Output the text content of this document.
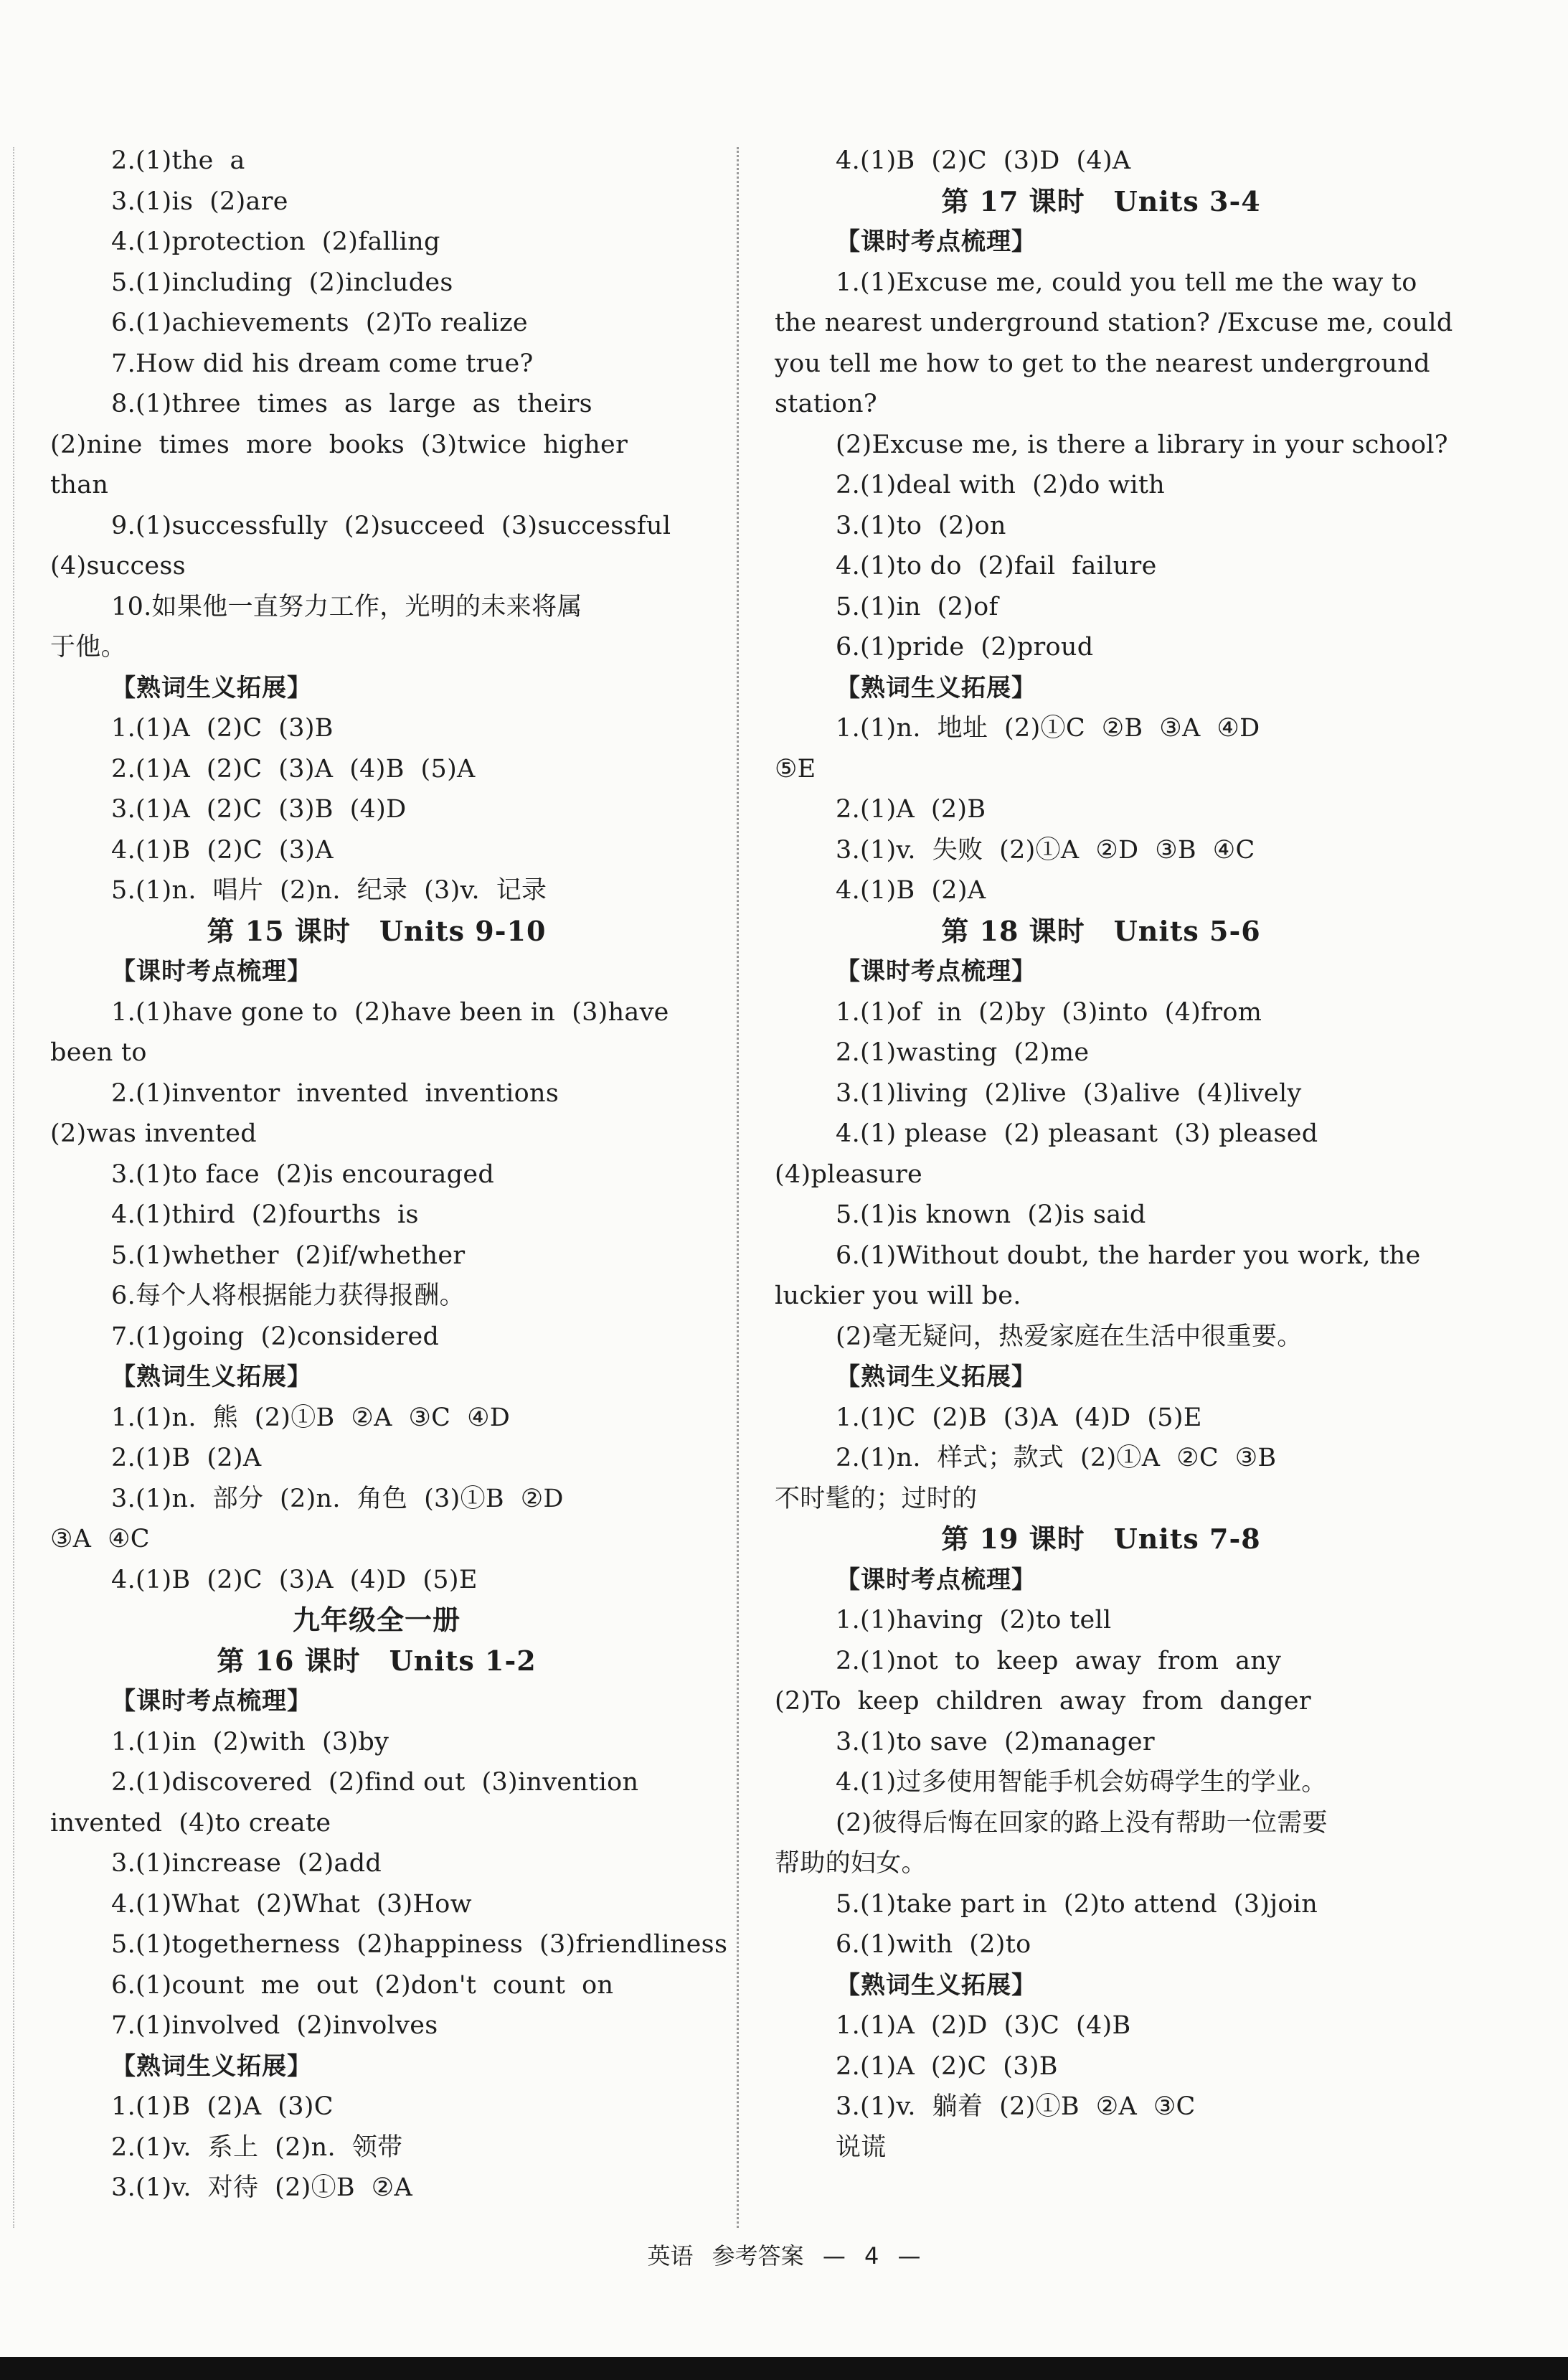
2.(1)the  a
3.(1)is  (2)are
4.(1)protection  (2)falling
5.(1)including  (2)includes
6.(1)achievements  (2)To realize
7.How did his dream come true?
8.(1)three  times  as  large  as  theirs
(2)nine  times  more  books  (3)twice  higher
than
9.(1)successfully  (2)succeed  (3)successful
(4)success
10.如果他一直努力工作，光明的未来将属
于他。
【熟词生义拓展】
1.(1)A  (2)C  (3)B
2.(1)A  (2)C  (3)A  (4)B  (5)A
3.(1)A  (2)C  (3)B  (4)D
4.(1)B  (2)C  (3)A
5.(1)n.  唱片  (2)n.  纪录  (3)v.  记录
第 15 课时 Units 9-10
【课时考点梳理】
1.(1)have gone to  (2)have been in  (3)have
been to
2.(1)inventor  invented  inventions
(2)was invented
3.(1)to face  (2)is encouraged
4.(1)third  (2)fourths  is
5.(1)whether  (2)if/whether
6.每个人将根据能力获得报酬。
7.(1)going  (2)considered
【熟词生义拓展】
1.(1)n.  熊  (2)①B  ②A  ③C  ④D
2.(1)B  (2)A
3.(1)n.  部分  (2)n.  角色  (3)①B  ②D
③A  ④C
4.(1)B  (2)C  (3)A  (4)D  (5)E
九年级全一册
第 16 课时 Units 1-2
【课时考点梳理】
1.(1)in  (2)with  (3)by
2.(1)discovered  (2)find out  (3)invention
invented  (4)to create
3.(1)increase  (2)add
4.(1)What  (2)What  (3)How
5.(1)togetherness  (2)happiness  (3)friendliness
6.(1)count  me  out  (2)don't  count  on
7.(1)involved  (2)involves
【熟词生义拓展】
1.(1)B  (2)A  (3)C
2.(1)v.  系上  (2)n.  领带
3.(1)v.  对待  (2)①B  ②A
4.(1)B  (2)C  (3)D  (4)A
第 17 课时 Units 3-4
【课时考点梳理】
1.(1)Excuse me, could you tell me the way to
the nearest underground station? /Excuse me, could
you tell me how to get to the nearest underground
station?
(2)Excuse me, is there a library in your school?
2.(1)deal with  (2)do with
3.(1)to  (2)on
4.(1)to do  (2)fail  failure
5.(1)in  (2)of
6.(1)pride  (2)proud
【熟词生义拓展】
1.(1)n.  地址  (2)①C  ②B  ③A  ④D
⑤E
2.(1)A  (2)B
3.(1)v.  失败  (2)①A  ②D  ③B  ④C
4.(1)B  (2)A
第 18 课时 Units 5-6
【课时考点梳理】
1.(1)of  in  (2)by  (3)into  (4)from
2.(1)wasting  (2)me
3.(1)living  (2)live  (3)alive  (4)lively
4.(1) please  (2) pleasant  (3) pleased
(4)pleasure
5.(1)is known  (2)is said
6.(1)Without doubt, the harder you work, the
luckier you will be.
(2)毫无疑问，热爱家庭在生活中很重要。
【熟词生义拓展】
1.(1)C  (2)B  (3)A  (4)D  (5)E
2.(1)n.  样式；款式  (2)①A  ②C  ③B
不时髦的；过时的
第 19 课时 Units 7-8
【课时考点梳理】
1.(1)having  (2)to tell
2.(1)not  to  keep  away  from  any
(2)To  keep  children  away  from  danger
3.(1)to save  (2)manager
4.(1)过多使用智能手机会妨碍学生的学业。
(2)彼得后悔在回家的路上没有帮助一位需要
帮助的妇女。
5.(1)take part in  (2)to attend  (3)join
6.(1)with  (2)to
【熟词生义拓展】
1.(1)A  (2)D  (3)C  (4)B
2.(1)A  (2)C  (3)B
3.(1)v.  躺着  (2)①B  ②A  ③C
说谎
英语 参考答案 — 4 —
